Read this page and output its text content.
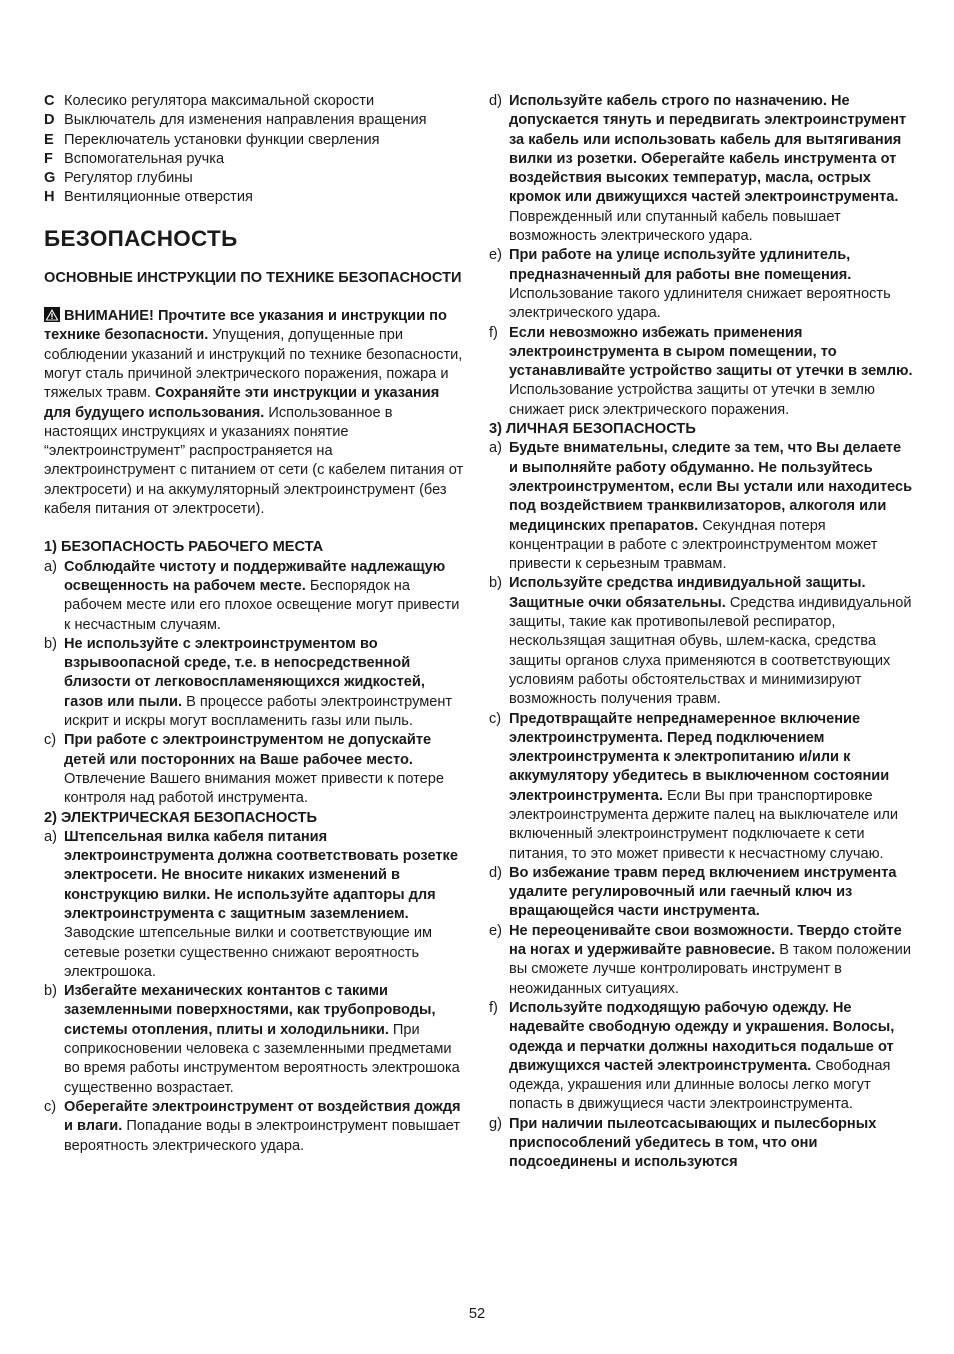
C Колесико регулятора максимальной скорости
D Выключатель для изменения направления вращения
E Переключатель установки функции сверления
F Вспомогательная ручка
G Регулятор глубины
H Вентиляционные отверстия
БЕЗОПАСНОСТЬ
ОСНОВНЫЕ ИНСТРУКЦИИ ПО ТЕХНИКЕ БЕЗОПАСНОСТИ
ВНИМАНИЕ! Прочтите все указания и инструкции по технике безопасности. Упущения, допущенные при соблюдении указаний и инструкций по технике безопасности, могут сталь причиной электрического поражения, пожара и тяжелых травм. Сохраняйте эти инструкции и указания для будущего использования. Использованное в настоящих инструкциях и указаниях понятие “электроинструмент” распространяется на электроинструмент с питанием от сети (с кабелем питания от электросети) и на аккумуляторный электроинструмент (без кабеля питания от электросети).
1) БЕЗОПАСНОСТЬ РАБОЧЕГО МЕСТА
a) Соблюдайте чистоту и поддерживайте надлежащую освещенность на рабочем месте. Беспорядок на рабочем месте или его плохое освещение могут привести к несчастным случаям.
b) Не используйте с электроинструментом во взрывоопасной среде, т.е. в непосредственной близости от легковоспламеняющихся жидкостей, газов или пыли. В процессе работы электроинструмент искрит и искры могут воспламенить газы или пыль.
c) При работе с электроинструментом не допускайте детей или посторонних на Ваше рабочее место. Отвлечение Вашего внимания может привести к потере контроля над работой инструмента.
2) ЭЛЕКТРИЧЕСКАЯ БЕЗОПАСНОСТЬ
a) Штепсельная вилка кабеля питания электроинструмента должна соответствовать розетке электросети. Не вносите никаких изменений в конструкцию вилки. Не используйте адапторы для электроинструмента с защитным заземлением. Заводские штепсельные вилки и соответствующие им сетевые розетки существенно снижают вероятность электрошока.
b) Избегайте механических контантов с такими заземленными поверхностями, как трубопроводы, системы отопления, плиты и холодильники. При соприкосновении человека с заземленными предметами во время работы инструментом вероятность электрошока существенно возрастает.
c) Оберегайте электроинструмент от воздействия дождя и влаги. Попадание воды в электроинструмент повышает вероятность электрического удара.
d) Используйте кабель строго по назначению. Не допускается тянуть и передвигать электроинструмент за кабель или использовать кабель для вытягивания вилки из розетки. Оберегайте кабель инструмента от воздействия высоких температур, масла, острых кромок или движущихся частей электроинструмента. Поврежденный или спутанный кабель повышает возможность электрического удара.
e) При работе на улице используйте удлинитель, предназначенный для работы вне помещения. Использование такого удлинителя снижает вероятность электрического удара.
f) Если невозможно избежать применения электроинструмента в сыром помещении, то устанавливайте устройство защиты от утечки в землю. Использование устройства защиты от утечки в землю снижает риск электрического поражения.
3) ЛИЧНАЯ БЕЗОПАСНОСТЬ
a) Будьте внимательны, следите за тем, что Вы делаете и выполняйте работу обдуманно. Не пользуйтесь электроинструментом, если Вы устали или находитесь под воздействием транквилизаторов, алкоголя или медицинских препаратов. Секундная потеря концентрации в работе с электроинструментом может привести к серьезным травмам.
b) Используйте средства индивидуальной защиты. Защитные очки обязательны. Средства индивидуальной защиты, такие как противопылевой респиратор, нескользящая защитная обувь, шлем-каска, средства защиты органов слуха применяются в соответствующих условиям работы обстоятельствах и минимизируют возможность получения травм.
c) Предотвращайте непреднамеренное включение электроинструмента. Перед подключением электроинструмента к электропитанию и/или к аккумулятору убедитесь в выключенном состоянии электроинструмента. Если Вы при транспортировке электроинструмента держите палец на выключателе или включенный электроинструмент подключаете к сети питания, то это может привести к несчастному случаю.
d) Во избежание травм перед включением инструмента удалите регулировочный или гаечный ключ из вращающейся части инструмента.
e) Не переоценивайте свои возможности. Твердо стойте на ногах и удерживайте равновесие. В таком положении вы сможете лучше контролировать инструмент в неожиданных ситуациях.
f) Используйте подходящую рабочую одежду. Не надевайте свободную одежду и украшения. Волосы, одежда и перчатки должны находиться подальше от движущихся частей электроинструмента. Свободная одежда, украшения или длинные волосы легко могут попасть в движущиеся части электроинструмента.
g) При наличии пылеотсасывающих и пылесборных приспособлений убедитесь в том, что они подсоединены и используются
52
